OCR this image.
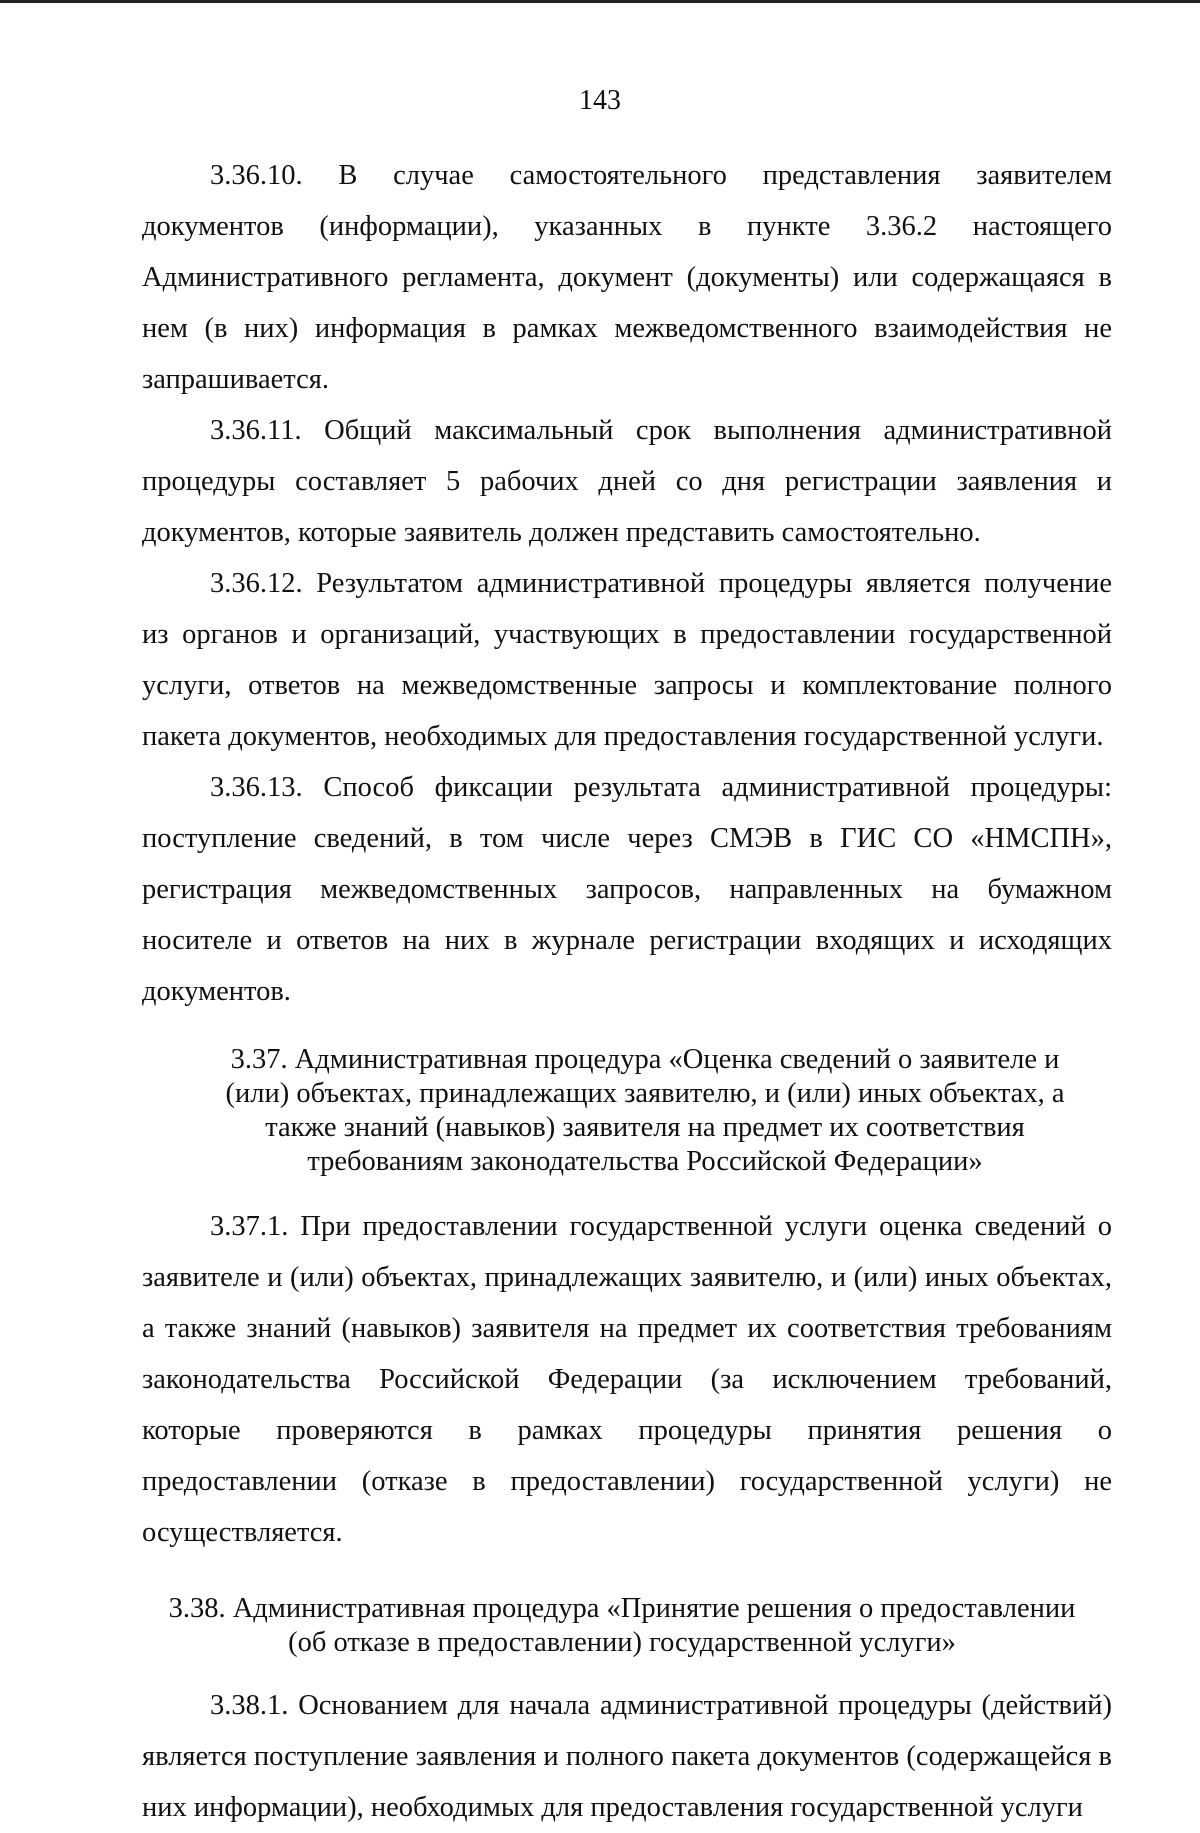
143

3.36.10. В случае самостоятельного представления заявителем документов (информации), указанных в пункте 3.36.2 настоящего Административного регламента, документ (документы) или содержащаяся в нем (в них) информация в рамках межведомственного взаимодействия не запрашивается.

3.36.11. Общий максимальный срок выполнения административной процедуры составляет 5 рабочих дней со дня регистрации заявления и документов, которые заявитель должен представить самостоятельно.

3.36.12. Результатом административной процедуры является получение из органов и организаций, участвующих в предоставлении государственной услуги, ответов на межведомственные запросы и комплектование полного пакета документов, необходимых для предоставления государственной услуги.

3.36.13. Способ фиксации результата административной процедуры: поступление сведений, в том числе через СМЭВ в ГИС СО «НМСПН», регистрация межведомственных запросов, направленных на бумажном носителе и ответов на них в журнале регистрации входящих и исходящих документов.

3.37. Административная процедура «Оценка сведений о заявителе и (или) объектах, принадлежащих заявителю, и (или) иных объектах, а также знаний (навыков) заявителя на предмет их соответствия требованиям законодательства Российской Федерации»

3.37.1. При предоставлении государственной услуги оценка сведений о заявителе и (или) объектах, принадлежащих заявителю, и (или) иных объектах, а также знаний (навыков) заявителя на предмет их соответствия требованиям законодательства Российской Федерации (за исключением требований, которые проверяются в рамках процедуры принятия решения о предоставлении (отказе в предоставлении) государственной услуги) не осуществляется.

3.38. Административная процедура «Принятие решения о предоставлении (об отказе в предоставлении) государственной услуги»

3.38.1. Основанием для начала административной процедуры (действий) является поступление заявления и полного пакета документов (содержащейся в них информации), необходимых для предоставления государственной услуги
